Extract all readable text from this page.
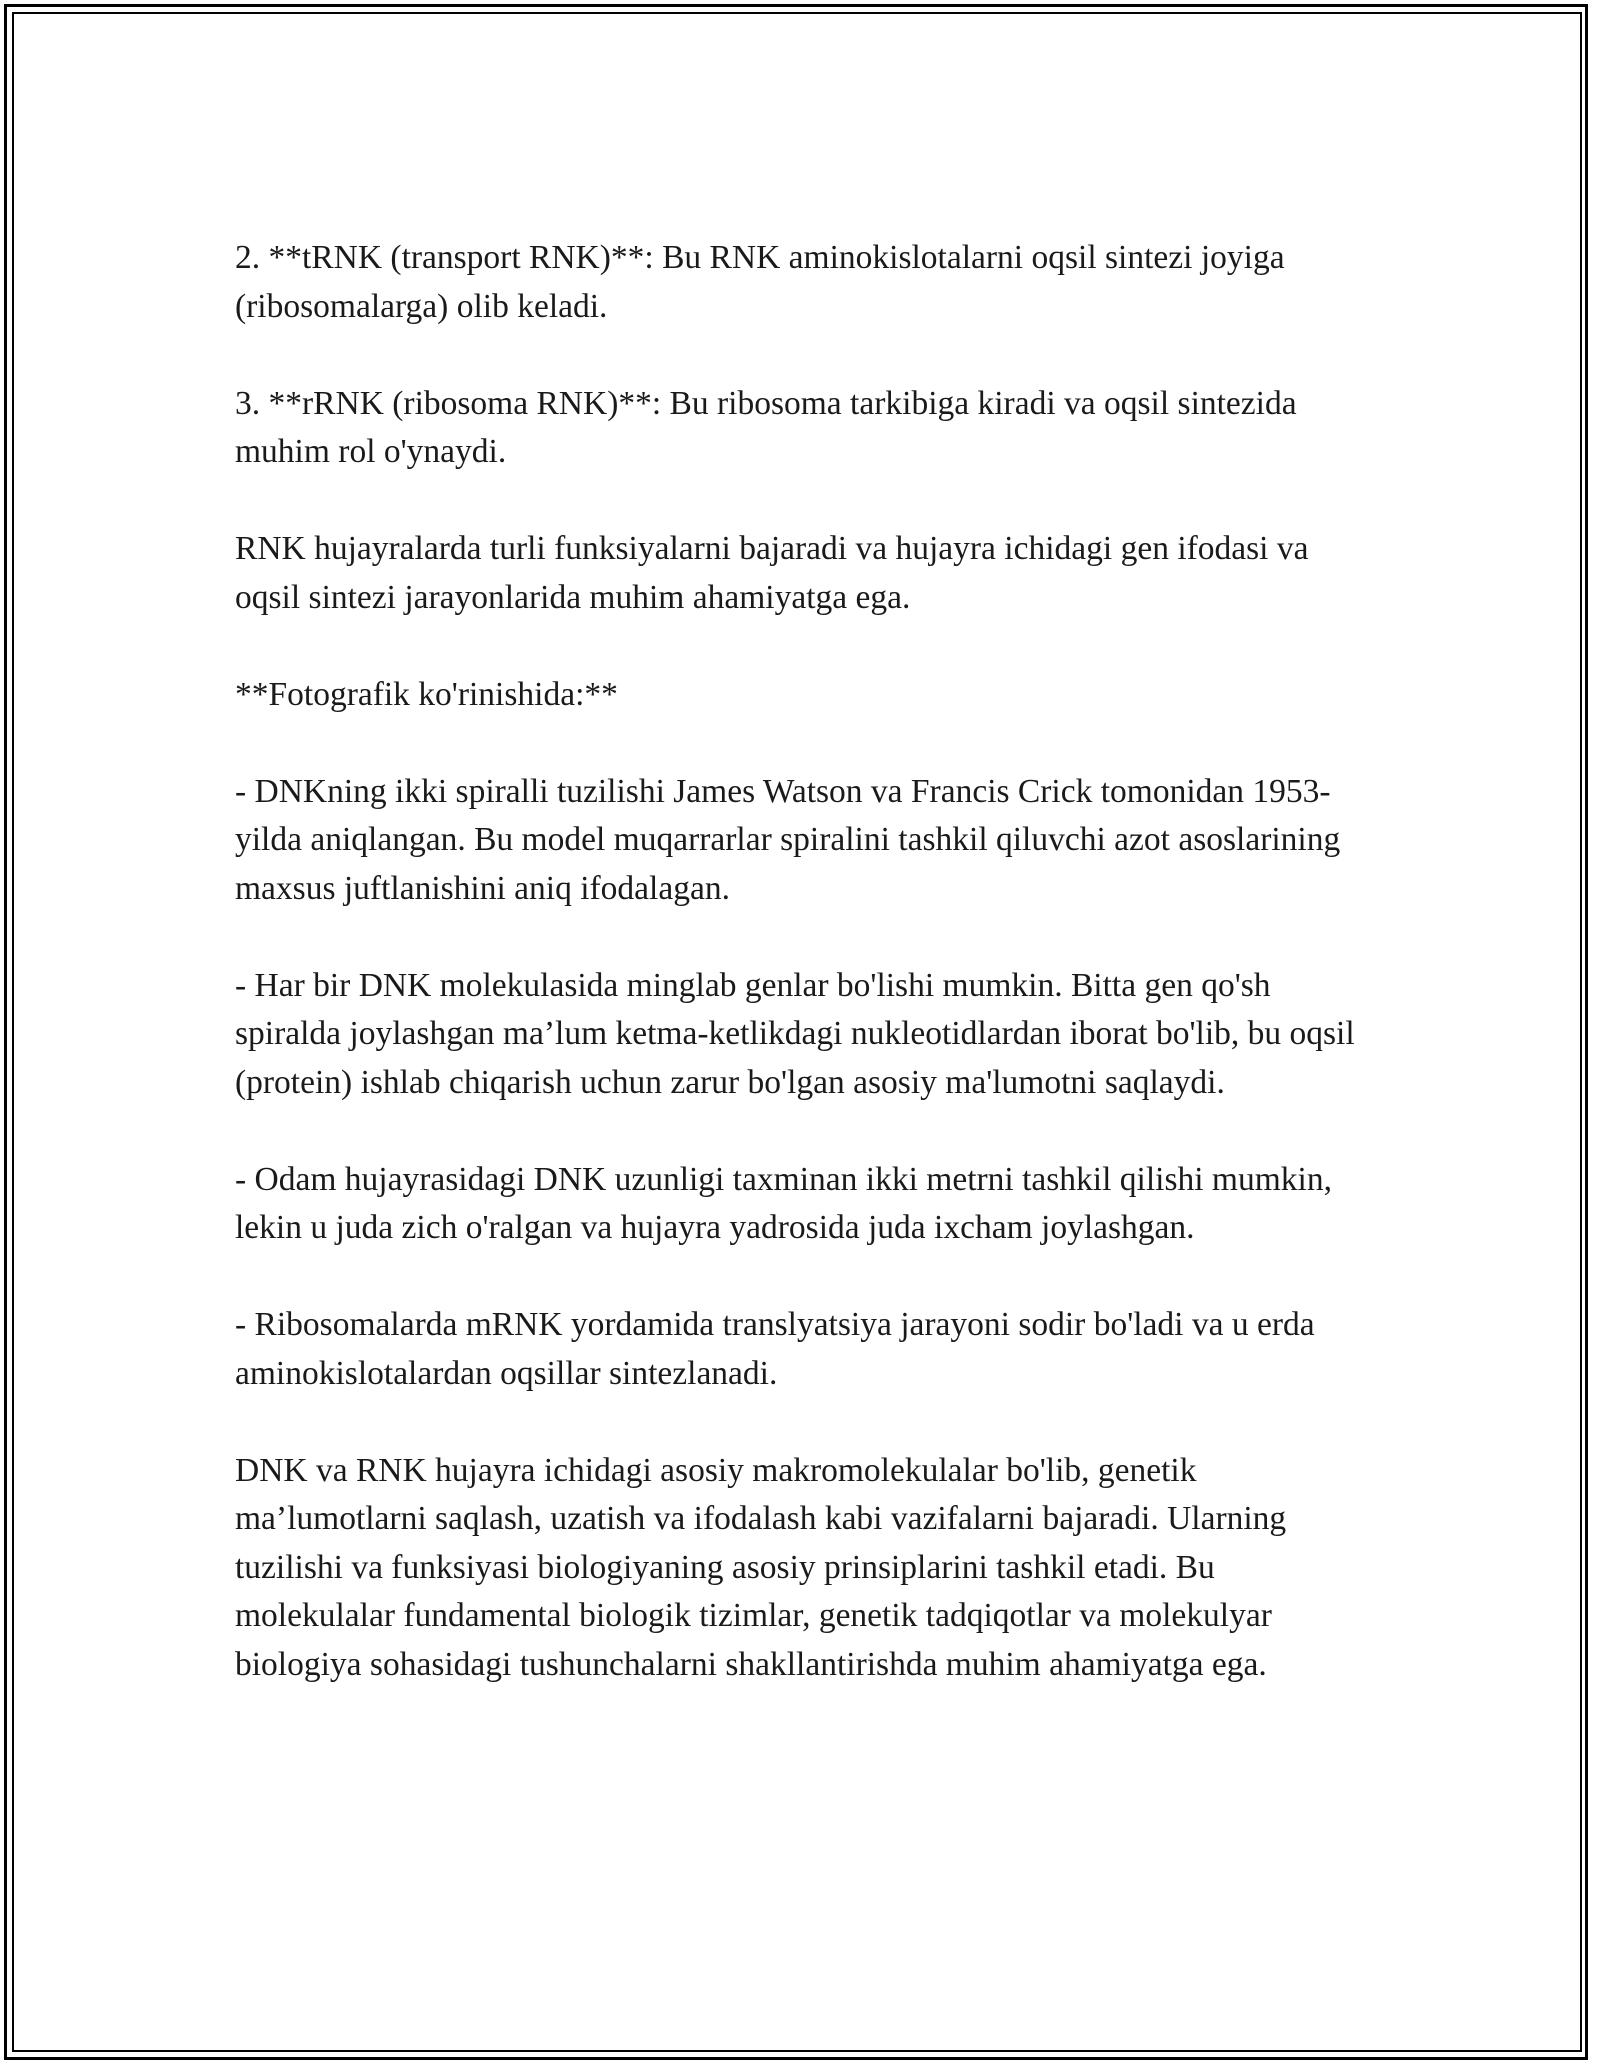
2. **tRNK (transport RNK)**: Bu RNK aminokislotalarni oqsil sintezi joyiga (ribosomalarga) olib keladi.

3. **rRNK (ribosoma RNK)**: Bu ribosoma tarkibiga kiradi va oqsil sintezida muhim rol o'ynaydi.

RNK hujayralarda turli funksiyalarni bajaradi va hujayra ichidagi gen ifodasi va oqsil sintezi jarayonlarida muhim ahamiyatga ega.

**Fotografik ko'rinishida:**

- DNKning ikki spiralli tuzilishi James Watson va Francis Crick tomonidan 1953-yilda aniqlangan. Bu model muqarrarlar spiralini tashkil qiluvchi azot asoslarining maxsus juftlanishini aniq ifodalagan.

- Har bir DNK molekulasida minglab genlar bo'lishi mumkin. Bitta gen qo'sh spiralda joylashgan ma’lum ketma-ketlikdagi nukleotidlardan iborat bo'lib, bu oqsil (protein) ishlab chiqarish uchun zarur bo'lgan asosiy ma'lumotni saqlaydi.

- Odam hujayrasidagi DNK uzunligi taxminan ikki metrni tashkil qilishi mumkin, lekin u juda zich o'ralgan va hujayra yadrosida juda ixcham joylashgan.

- Ribosomalarda mRNK yordamida translyatsiya jarayoni sodir bo'ladi va u erda aminokislotalardan oqsillar sintezlanadi.

DNK va RNK hujayra ichidagi asosiy makromolekulalar bo'lib, genetik ma’lumotlarni saqlash, uzatish va ifodalash kabi vazifalarni bajaradi. Ularning tuzilishi va funksiyasi biologiyaning asosiy prinsiplarini tashkil etadi. Bu molekulalar fundamental biologik tizimlar, genetik tadqiqotlar va molekulyar biologiya sohasidagi tushunchalarni shakllantirishda muhim ahamiyatga ega.
